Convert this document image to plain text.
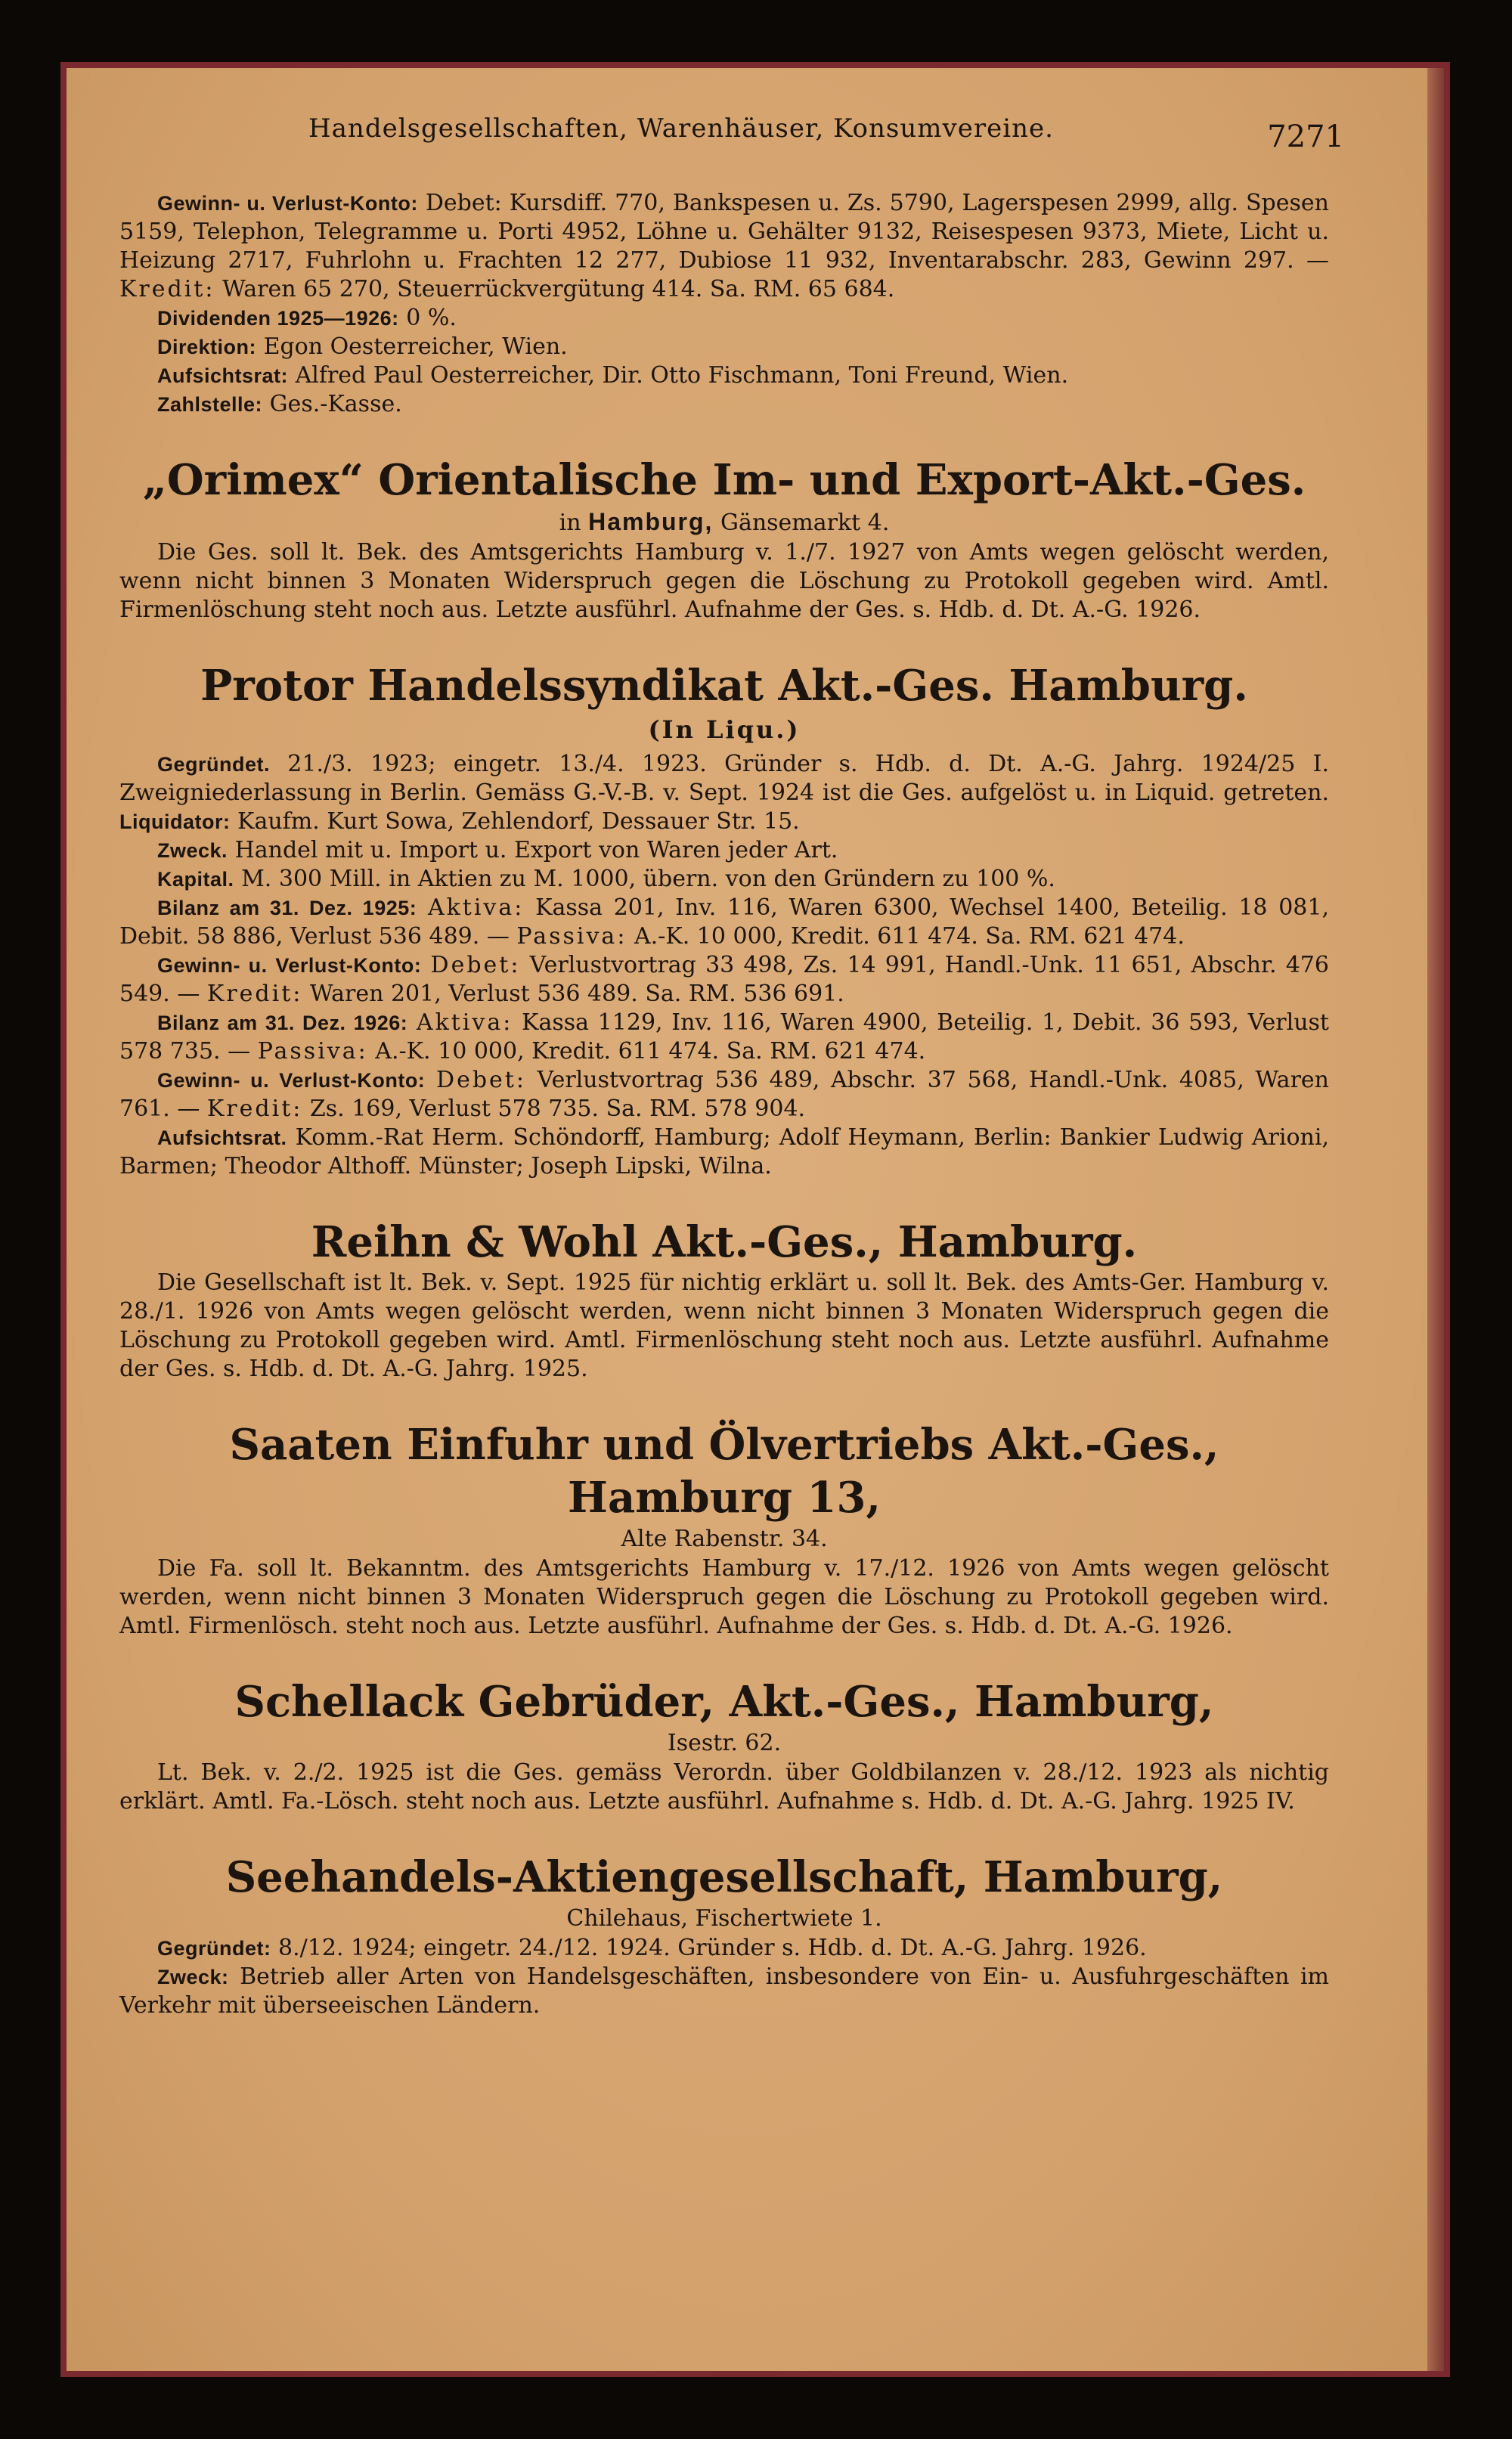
Handelsgesellschaften, Warenhäuser, Konsumvereine.	7271

Gewinn- u. Verlust-Konto: Debet: Kursdiff. 770, Bankspesen u. Zs. 5790, Lagerspesen 2999, allg. Spesen 5159, Telephon, Telegramme u. Porti 4952, Löhne u. Gehälter 9132, Reisespesen 9373, Miete, Licht u. Heizung 2717, Fuhrlohn u. Frachten 12 277, Dubiose 11 932, Inventarabschr. 283, Gewinn 297. — Kredit: Waren 65 270, Steuerrückvergütung 414. Sa. RM. 65 684.

Dividenden 1925—1926: 0 %.

Direktion: Egon Oesterreicher, Wien.

Aufsichtsrat: Alfred Paul Oesterreicher, Dir. Otto Fischmann, Toni Freund, Wien.

Zahlstelle: Ges.-Kasse.

„Orimex“ Orientalische Im- und Export-Akt.-Ges.

in Hamburg, Gänsemarkt 4.

Die Ges. soll lt. Bek. des Amtsgerichts Hamburg v. 1./7. 1927 von Amts wegen gelöscht werden, wenn nicht binnen 3 Monaten Widerspruch gegen die Löschung zu Protokoll gegeben wird. Amtl. Firmenlöschung steht noch aus. Letzte ausführl. Aufnahme der Ges. s. Hdb. d. Dt. A.-G. 1926.

Protor Handelssyndikat Akt.-Ges. Hamburg.

(In Liqu.)

Gegründet. 21./3. 1923; eingetr. 13./4. 1923. Gründer s. Hdb. d. Dt. A.-G. Jahrg. 1924/25 I. Zweigniederlassung in Berlin. Gemäss G.-V.-B. v. Sept. 1924 ist die Ges. aufgelöst u. in Liquid. getreten. Liquidator: Kaufm. Kurt Sowa, Zehlendorf, Dessauer Str. 15.

Zweck. Handel mit u. Import u. Export von Waren jeder Art.

Kapital. M. 300 Mill. in Aktien zu M. 1000, übern. von den Gründern zu 100 %.

Bilanz am 31. Dez. 1925: Aktiva: Kassa 201, Inv. 116, Waren 6300, Wechsel 1400, Beteilig. 18 081, Debit. 58 886, Verlust 536 489. — Passiva: A.-K. 10 000, Kredit. 611 474. Sa. RM. 621 474.

Gewinn- u. Verlust-Konto: Debet: Verlustvortrag 33 498, Zs. 14 991, Handl.-Unk. 11 651, Abschr. 476 549. — Kredit: Waren 201, Verlust 536 489. Sa. RM. 536 691.

Bilanz am 31. Dez. 1926: Aktiva: Kassa 1129, Inv. 116, Waren 4900, Beteilig. 1, Debit. 36 593, Verlust 578 735. — Passiva: A.-K. 10 000, Kredit. 611 474. Sa. RM. 621 474.

Gewinn- u. Verlust-Konto: Debet: Verlustvortrag 536 489, Abschr. 37 568, Handl.-Unk. 4085, Waren 761. — Kredit: Zs. 169, Verlust 578 735. Sa. RM. 578 904.

Aufsichtsrat. Komm.-Rat Herm. Schöndorff, Hamburg; Adolf Heymann, Berlin: Bankier Ludwig Arioni, Barmen; Theodor Althoff. Münster; Joseph Lipski, Wilna.

Reihn & Wohl Akt.-Ges., Hamburg.

Die Gesellschaft ist lt. Bek. v. Sept. 1925 für nichtig erklärt u. soll lt. Bek. des Amts-Ger. Hamburg v. 28./1. 1926 von Amts wegen gelöscht werden, wenn nicht binnen 3 Monaten Widerspruch gegen die Löschung zu Protokoll gegeben wird. Amtl. Firmenlöschung steht noch aus. Letzte ausführl. Aufnahme der Ges. s. Hdb. d. Dt. A.-G. Jahrg. 1925.

Saaten Einfuhr und Ölvertriebs Akt.-Ges., Hamburg 13,

Alte Rabenstr. 34.

Die Fa. soll lt. Bekanntm. des Amtsgerichts Hamburg v. 17./12. 1926 von Amts wegen gelöscht werden, wenn nicht binnen 3 Monaten Widerspruch gegen die Löschung zu Protokoll gegeben wird. Amtl. Firmenlösch. steht noch aus. Letzte ausführl. Aufnahme der Ges. s. Hdb. d. Dt. A.-G. 1926.

Schellack Gebrüder, Akt.-Ges., Hamburg,

Isestr. 62.

Lt. Bek. v. 2./2. 1925 ist die Ges. gemäss Verordn. über Goldbilanzen v. 28./12. 1923 als nichtig erklärt. Amtl. Fa.-Lösch. steht noch aus. Letzte ausführl. Aufnahme s. Hdb. d. Dt. A.-G. Jahrg. 1925 IV.

Seehandels-Aktiengesellschaft, Hamburg,

Chilehaus, Fischertwiete 1.

Gegründet: 8./12. 1924; eingetr. 24./12. 1924. Gründer s. Hdb. d. Dt. A.-G. Jahrg. 1926.

Zweck: Betrieb aller Arten von Handelsgeschäften, insbesondere von Ein- u. Ausfuhrgeschäften im Verkehr mit überseeischen Ländern.
